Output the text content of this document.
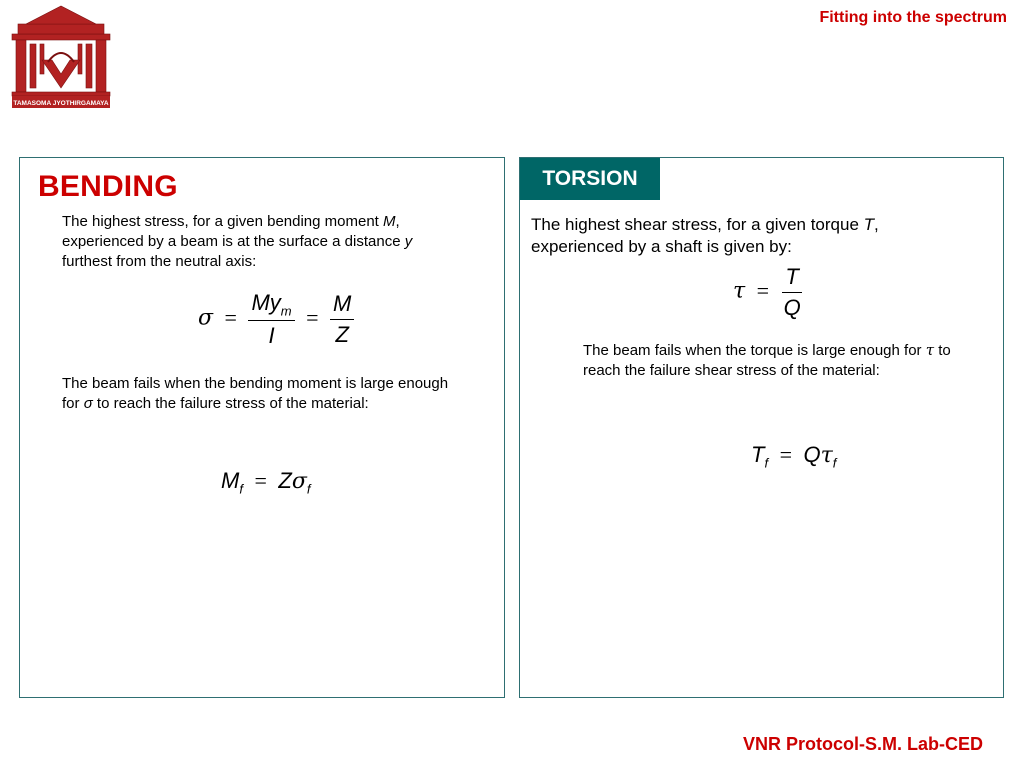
TAMASOMA JYOTHIRGAMAYA
Fitting into the spectrum
BENDING
The highest stress, for a given bending moment M, experienced by a beam is at the surface a distance y furthest from the neutral axis:
$\sigma = \frac{My_m}{I} = \frac{M}{Z}$
The beam fails when the bending moment is large enough for σ to reach the failure stress of the material:
$M_f = Z\sigma_f$
TORSION
The highest shear stress, for a given torque T, experienced by a shaft is given by:
$\tau = \frac{T}{Q}$
The beam fails when the torque is large enough for τ to reach the failure shear stress of the material:
$T_f = Q\tau_f$
VNR Protocol-S.M. Lab-CED
